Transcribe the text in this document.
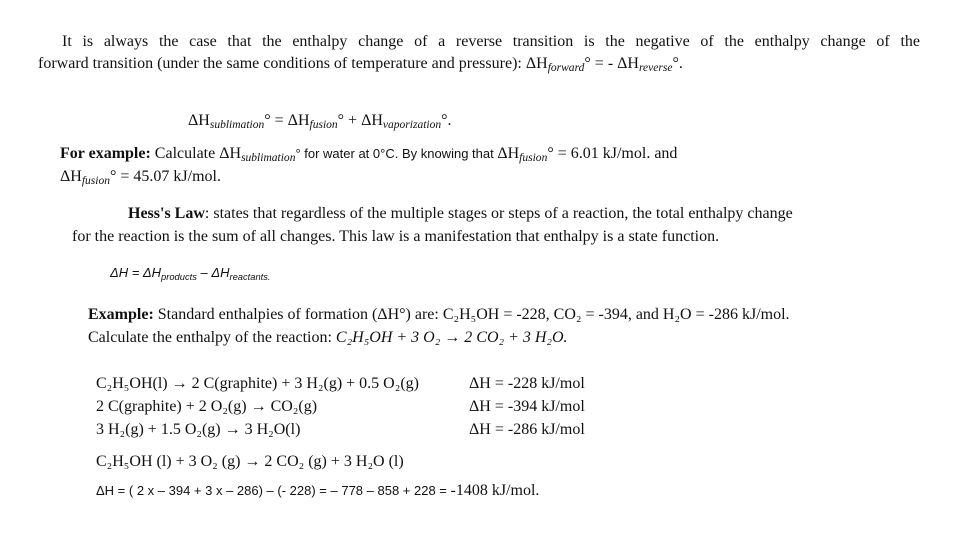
It is always the case that the enthalpy change of a reverse transition is the negative of the enthalpy change of the
forward transition (under the same conditions of temperature and pressure): $\Delta H_{forward}^\circ$ = - $\Delta H_{reverse}^\circ$.
$\Delta H_{sublimation}^\circ = \Delta H_{fusion}^\circ + \Delta H_{vaporization}^\circ$.
For example: Calculate $\Delta H_{sublimation}^\circ$ for water at 0°C. By knowing that $\Delta H_{fusion}^\circ = 6.01$ kJ/mol. and
$\Delta H_{fusion}^\circ = 45.07$ kJ/mol.
Hess's Law: states that regardless of the multiple stages or steps of a reaction, the total enthalpy change
for the reaction is the sum of all changes. This law is a manifestation that enthalpy is a state function.
$\Delta H = \Delta H_{products} - \Delta H_{reactants.}$
Example: Standard enthalpies of formation (ΔH°) are: C₂H₅OH = -228, CO₂ = -394, and H₂O = -286 kJ/mol.
Calculate the enthalpy of the reaction: C₂H₅OH + 3 O₂ → 2 CO₂ + 3 H₂O.
C₂H₅OH(l) → 2 C(graphite) + 3 H₂(g) + 0.5 O₂(g)	ΔH = -228 kJ/mol
2 C(graphite) + 2 O₂(g) → CO₂(g)	ΔH = -394 kJ/mol
3 H₂(g) + 1.5 O₂(g) → 3 H₂O(l)	ΔH = -286 kJ/mol
C₂H₅OH (l) + 3 O₂ (g) → 2 CO₂ (g) + 3 H₂O (l)
ΔH = ( 2 x – 394 + 3 x – 286) – (- 228) = – 778 – 858 + 228 = -1408 kJ/mol.
